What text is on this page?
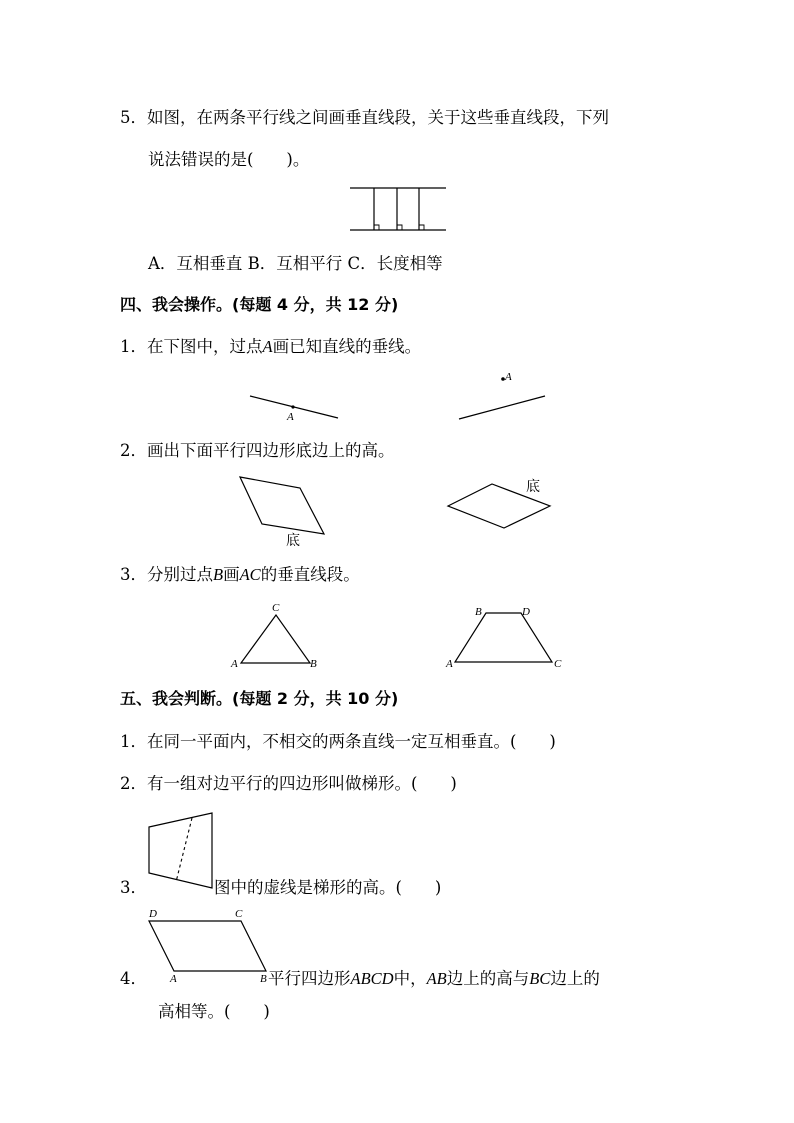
5．如图，在两条平行线之间画垂直线段，关于这些垂直线段，下列
说法错误的是(　　)。
A．互相垂直 B．互相平行 C．长度相等
四、我会操作。(每题 4 分，共 12 分)
1．在下图中，过点A画已知直线的垂线。
A
A
2．画出下面平行四边形底边上的高。
底
底
3．分别过点B画AC的垂直线段。
C
A	B
B	D
A	C
五、我会判断。(每题 2 分，共 10 分)
1．在同一平面内，不相交的两条直线一定互相垂直。(　　)
2．有一组对边平行的四边形叫做梯形。(　　)
3．	图中的虚线是梯形的高。(　　)
D	C
A	B
4．	平行四边形ABCD中，AB边上的高与BC边上的
高相等。(　　)
